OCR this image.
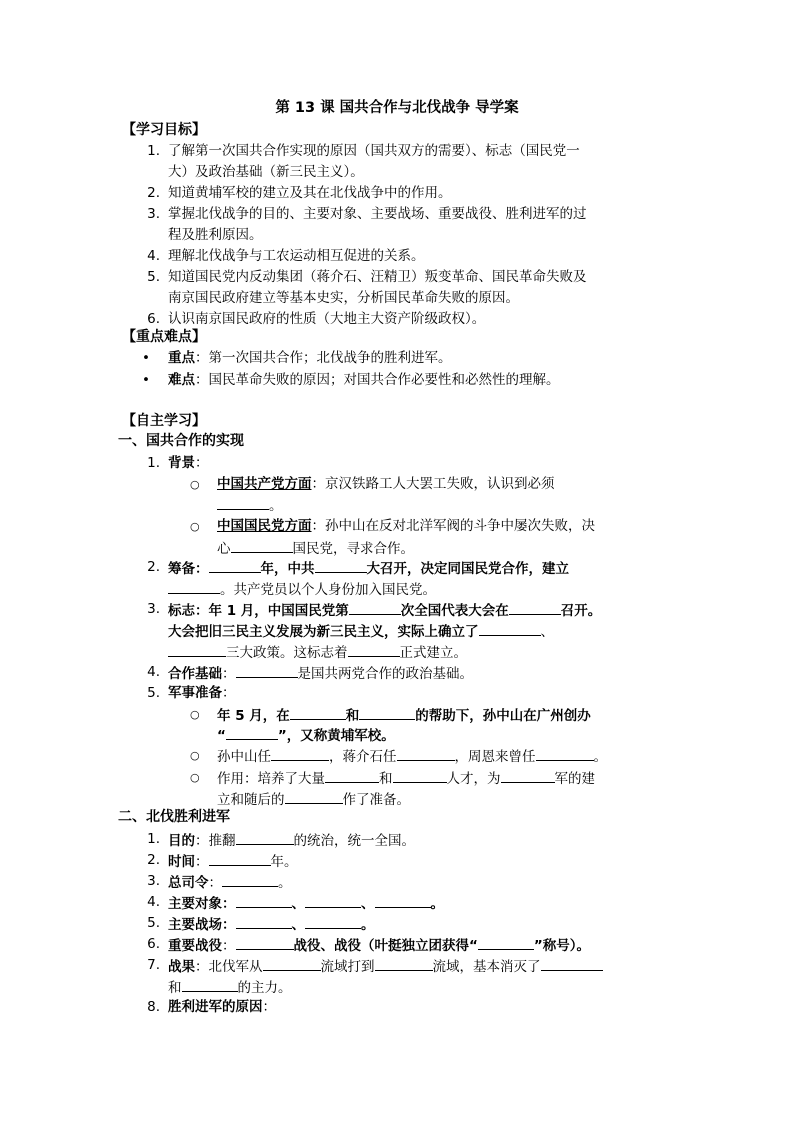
第 13 课 国共合作与北伐战争 导学案
【学习目标】
1. 了解第一次国共合作实现的原因（国共双方的需要）、标志（国民党一
大）及政治基础（新三民主义）。
2. 知道黄埔军校的建立及其在北伐战争中的作用。
3. 掌握北伐战争的目的、主要对象、主要战场、重要战役、胜利进军的过
程及胜利原因。
4. 理解北伐战争与工农运动相互促进的关系。
5. 知道国民党内反动集团（蒋介石、汪精卫）叛变革命、国民革命失败及
南京国民政府建立等基本史实，分析国民革命失败的原因。
6. 认识南京国民政府的性质（大地主大资产阶级政权）。
【重点难点】
• 重点：第一次国共合作；北伐战争的胜利进军。
• 难点：国民革命失败的原因；对国共合作必要性和必然性的理解。
【自主学习】
一、国共合作的实现
1. 背景：
○ 中国共产党方面：京汉铁路工人大罢工失败，认识到必须
。
○ 中国国民党方面：孙中山在反对北洋军阀的斗争中屡次失败，决
心	国民党，寻求合作。
2. 筹备：	年，中共	大召开，决定同国民党合作，建立
。共产党员以个人身份加入国民党。
3. 标志：年 1 月，中国国民党第	次全国代表大会在	召开。
大会把旧三民主义发展为新三民主义，实际上确立了	、
三大政策。这标志着	正式建立。
4. 合作基础：	是国共两党合作的政治基础。
5. 军事准备：
○ 年 5 月，在	和	的帮助下，孙中山在广州创办
“	”，又称黄埔军校。
○ 孙中山任	，蒋介石任	，周恩来曾任	。
○ 作用：培养了大量	和	人才，为	军的建
立和随后的	作了准备。
二、北伐胜利进军
1. 目的：推翻	的统治，统一全国。
2. 时间：	年。
3. 总司令：	。
4. 主要对象：	、	、	。
5. 主要战场：	、	。
6. 重要战役：	战役、战役（叶挺独立团获得“	”称号）。
7. 战果：北伐军从	流域打到	流域，基本消灭了
和	的主力。
8. 胜利进军的原因：
